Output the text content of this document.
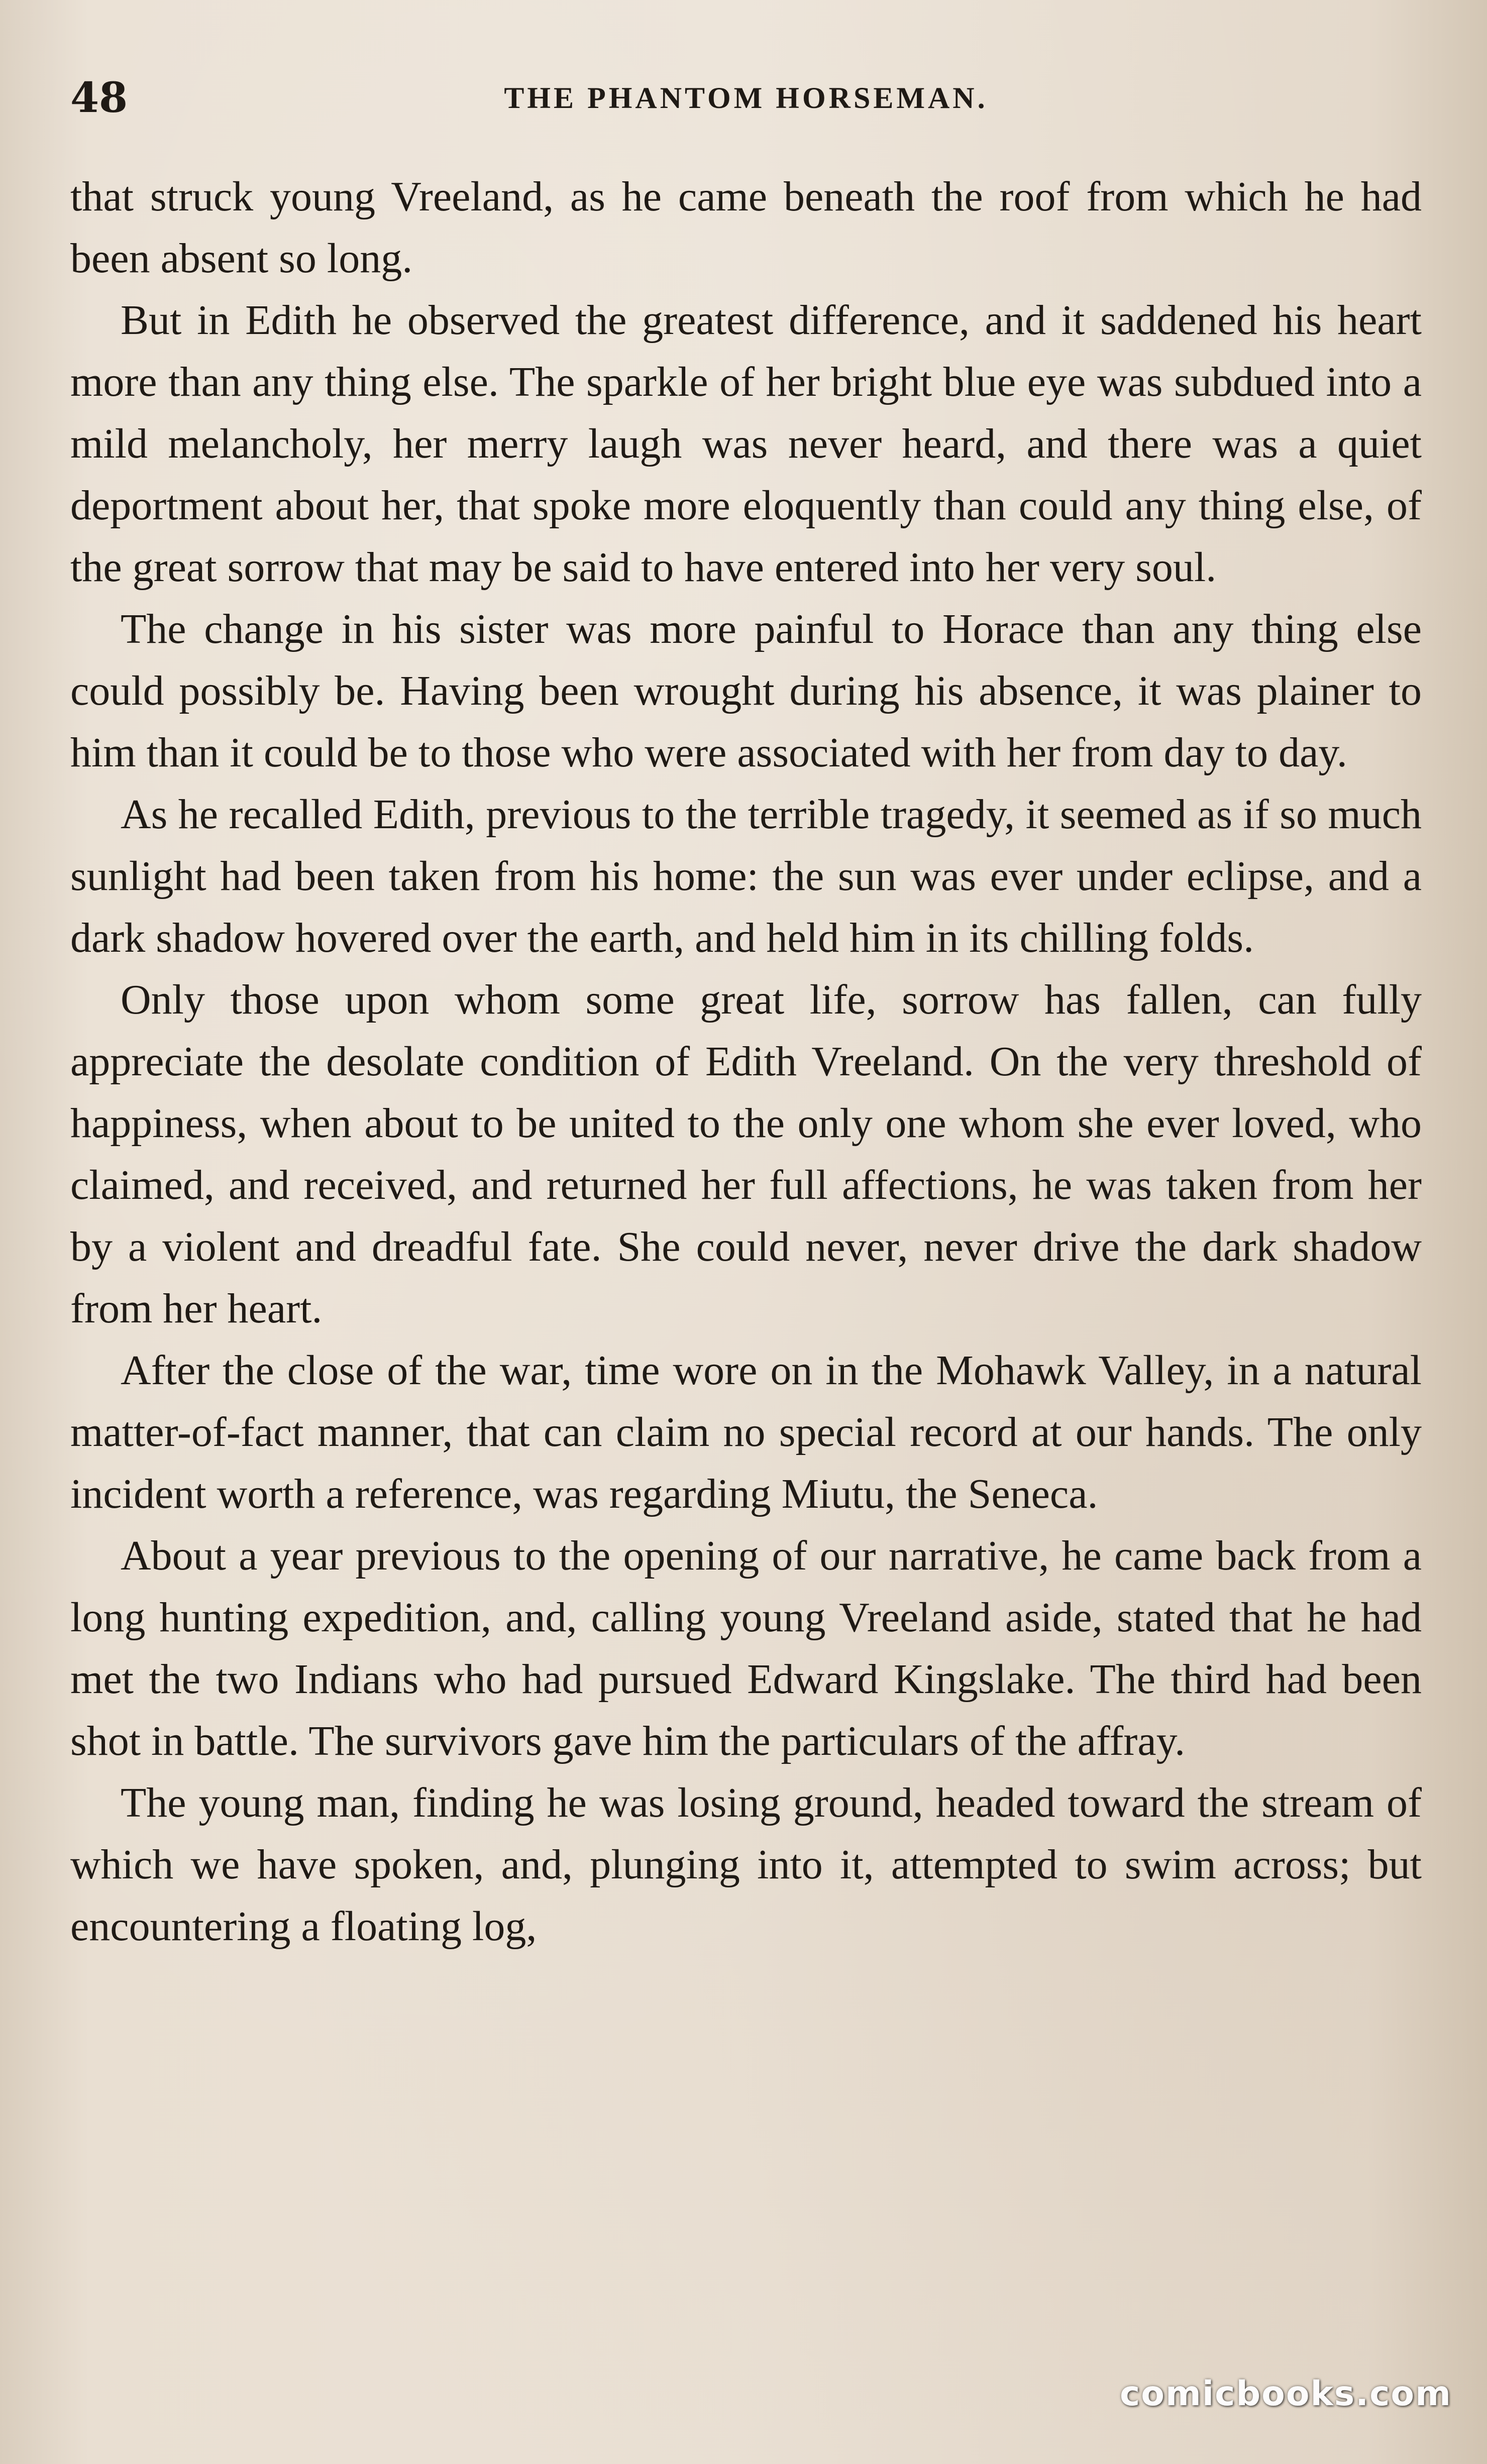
48	THE PHANTOM HORSEMAN.

that struck young Vreeland, as he came beneath the roof from which he had been absent so long.

But in Edith he observed the greatest difference, and it saddened his heart more than any thing else. The sparkle of her bright blue eye was subdued into a mild melancholy, her merry laugh was never heard, and there was a quiet deportment about her, that spoke more eloquently than could any thing else, of the great sorrow that may be said to have entered into her very soul.

The change in his sister was more painful to Horace than any thing else could possibly be. Having been wrought during his absence, it was plainer to him than it could be to those who were associated with her from day to day.

As he recalled Edith, previous to the terrible tragedy, it seemed as if so much sunlight had been taken from his home: the sun was ever under eclipse, and a dark shadow hovered over the earth, and held him in its chilling folds.

Only those upon whom some great life, sorrow has fallen, can fully appreciate the desolate condition of Edith Vreeland. On the very threshold of happiness, when about to be united to the only one whom she ever loved, who claimed, and received, and returned her full affections, he was taken from her by a violent and dreadful fate. She could never, never drive the dark shadow from her heart.

After the close of the war, time wore on in the Mohawk Valley, in a natural matter-of-fact manner, that can claim no special record at our hands. The only incident worth a reference, was regarding Miutu, the Seneca.

About a year previous to the opening of our narrative, he came back from a long hunting expedition, and, calling young Vreeland aside, stated that he had met the two Indians who had pursued Edward Kingslake. The third had been shot in battle. The survivors gave him the particulars of the affray.

The young man, finding he was losing ground, headed toward the stream of which we have spoken, and, plunging into it, attempted to swim across; but encountering a floating log,

comicbooks.com
